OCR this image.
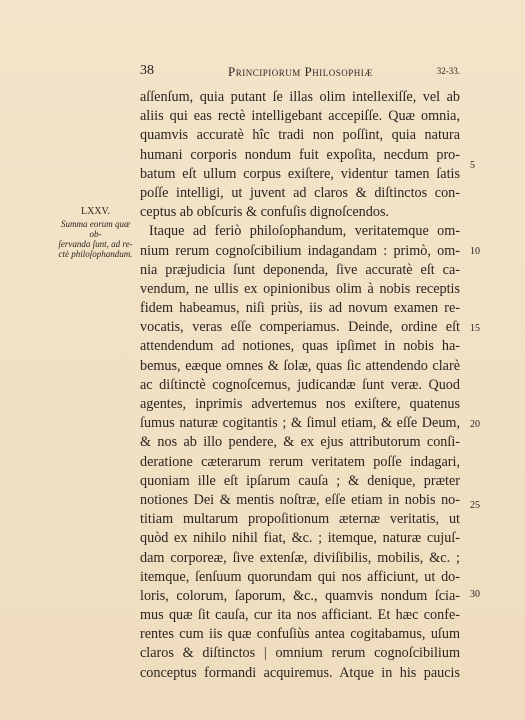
38	Principiorum Philosophiæ	32-33.
LXXV.
Summa eorum quæ ob-
ſervanda ſunt, ad re-
ctè philoſophandum.
aſſenſum, quia putant ſe illas olim intellexiſſe, vel ab
aliis qui eas rectè intelligebant accepiſſe. Quæ omnia,
quamvis accuratè hîc tradi non poſſint, quia natura
humani corporis nondum fuit expoſita, necdum pro-
batum eſt ullum corpus exiſtere, videntur tamen ſatis
poſſe intelligi, ut juvent ad claros & diſtinctos con-
ceptus ab obſcuris & confuſis dignoſcendos.
Itaque ad feriò philoſophandum, veritatemque om-
nium rerum cognoſcibilium indagandam : primò, om-
nia præjudicia ſunt deponenda, ſive accuratè eſt ca-
vendum, ne ullis ex opinionibus olim à nobis receptis
fidem habeamus, niſi priùs, iis ad novum examen re-
vocatis, veras eſſe comperiamus. Deinde, ordine eſt
attendendum ad notiones, quas ipſimet in nobis ha-
bemus, eæque omnes & ſolæ, quas ſic attendendo clarè
ac diſtinctè cognoſcemus, judicandæ ſunt veræ. Quod
agentes, inprimis advertemus nos exiſtere, quatenus
ſumus naturæ cogitantis ; & ſimul etiam, & eſſe Deum,
& nos ab illo pendere, & ex ejus attributorum conſi-
deratione cæterarum rerum veritatem poſſe indagari,
quoniam ille eſt ipſarum cauſa ; & denique, præter
notiones Dei & mentis noſtræ, eſſe etiam in nobis no-
titiam multarum propoſitionum æternæ veritatis, ut
quòd ex nihilo nihil fiat, &c. ; itemque, naturæ cujuſ-
dam corporeæ, ſive extenſæ, diviſibilis, mobilis, &c. ;
itemque, ſenſuum quorundam qui nos afficiunt, ut do-
loris, colorum, ſaporum, &c., quamvis nondum ſcia-
mus quæ ſit cauſa, cur ita nos afficiant. Et hæc confe-
rentes cum iis quæ confuſiùs antea cogitabamus, uſum
claros & diſtinctos | omnium rerum cognoſcibilium
conceptus formandi acquiremus. Atque in his paucis
5
10
15
20
25
30
